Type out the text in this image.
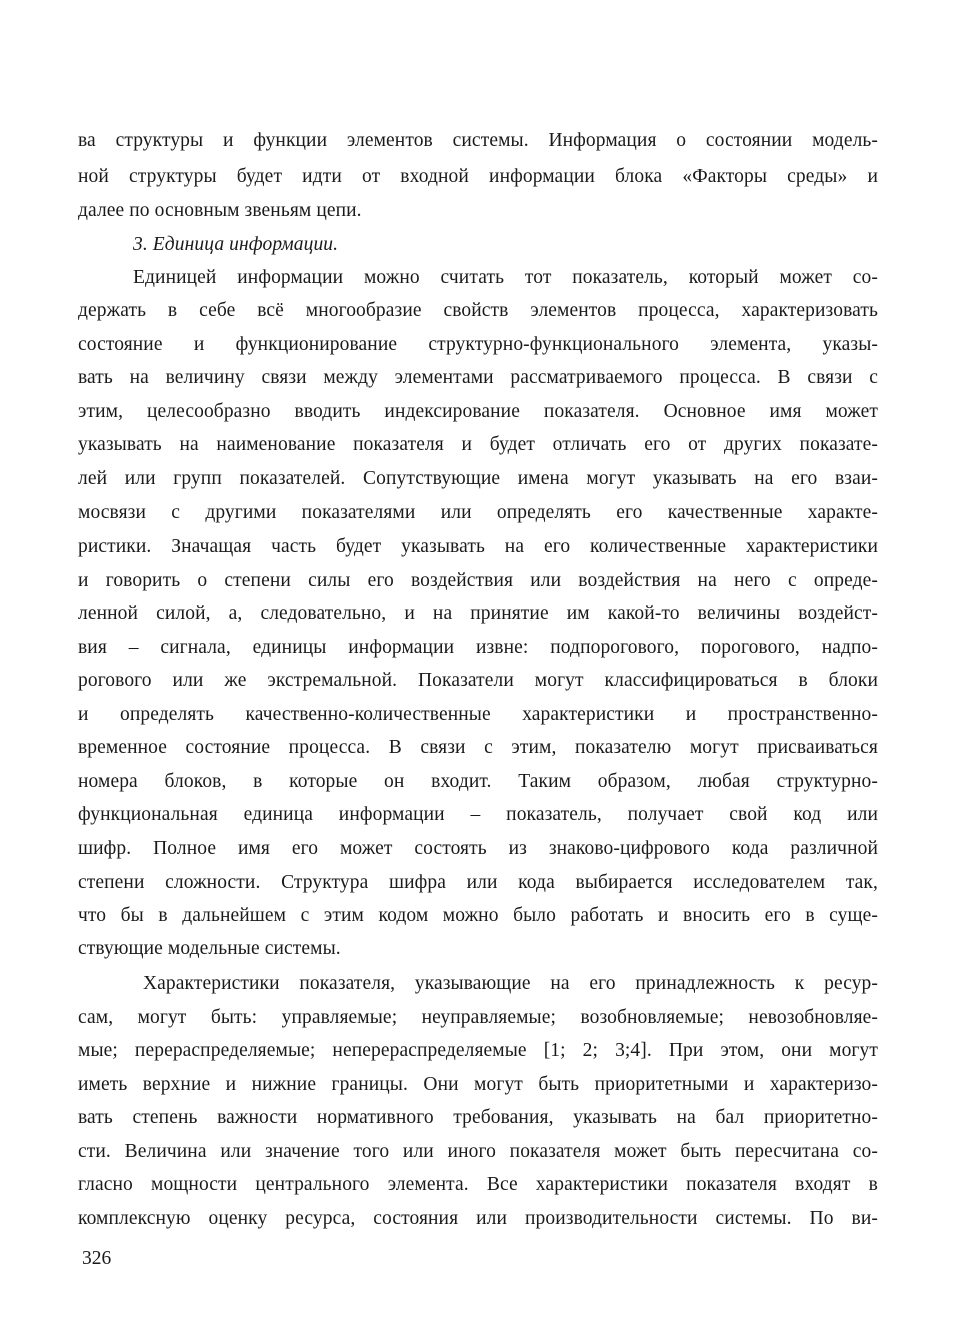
ва структуры и функции элементов системы. Информация о состоянии модель-
ной структуры будет идти от входной информации блока «Факторы среды» и
далее по основным звеньям цепи.
3. Единица информации.
Единицей информации можно считать тот показатель, который может со-
держать в себе всё многообразие свойств элементов процесса, характеризовать
состояние и функционирование структурно-функционального элемента, указы-
вать на величину связи между элементами рассматриваемого процесса. В связи с
этим, целесообразно вводить индексирование показателя. Основное имя может
указывать на наименование показателя и будет отличать его от других показате-
лей или групп показателей. Сопутствующие имена могут указывать на его взаи-
мосвязи с другими показателями или определять его качественные характе-
ристики. Значащая часть будет указывать на его количественные характеристики
и говорить о степени силы его воздействия или воздействия на него с опреде-
ленной силой, а, следовательно, и на принятие им какой-то величины воздейст-
вия – сигнала, единицы информации извне: подпорогового, порогового, надпо-
рогового или же экстремальной. Показатели могут классифицироваться в блоки
и определять качественно-количественные характеристики и пространственно-
временное состояние процесса. В связи с этим, показателю могут присваиваться
номера блоков, в которые он входит. Таким образом, любая структурно-
функциональная единица информации – показатель, получает свой код или
шифр. Полное имя его может состоять из знаково-цифрового кода различной
степени сложности. Структура шифра или кода выбирается исследователем так,
что бы в дальнейшем с этим кодом можно было работать и вносить его в суще-
ствующие модельные системы.
Характеристики показателя, указывающие на его принадлежность к ресур-
сам, могут быть: управляемые; неуправляемые; возобновляемые; невозобновляе-
мые; перераспределяемые; неперераспределяемые [1; 2; 3;4]. При этом, они могут
иметь верхние и нижние границы. Они могут быть приоритетными и характеризо-
вать степень важности нормативного требования, указывать на бал приоритетно-
сти. Величина или значение того или иного показателя может быть пересчитана со-
гласно мощности центрального элемента. Все характеристики показателя входят в
комплексную оценку ресурса, состояния или производительности системы. По ви-
326
